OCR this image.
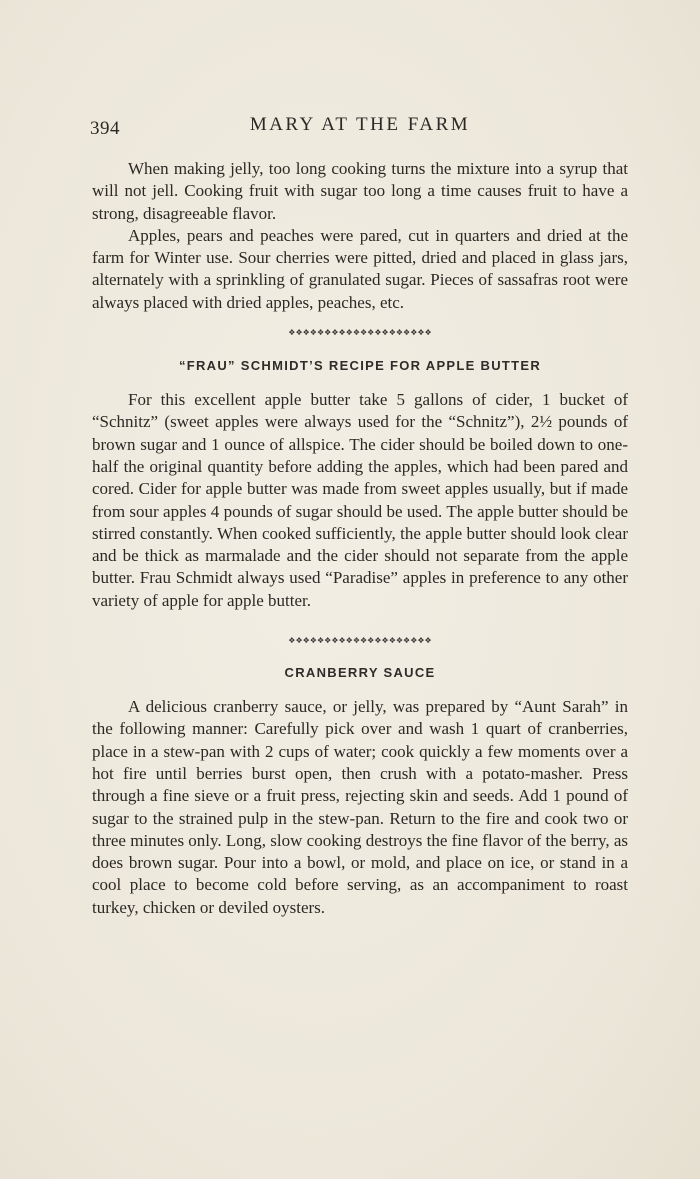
394	MARY AT THE FARM

When making jelly, too long cooking turns the mixture into a syrup that will not jell. Cooking fruit with sugar too long a time causes fruit to have a strong, disagreeable flavor.

Apples, pears and peaches were pared, cut in quarters and dried at the farm for Winter use. Sour cherries were pitted, dried and placed in glass jars, alternately with a sprinkling of granulated sugar. Pieces of sassafras root were always placed with dried apples, peaches, etc.

❖❖❖❖❖❖❖❖❖❖❖❖❖❖❖❖❖❖❖❖
“FRAU” SCHMIDT’S RECIPE FOR APPLE BUTTER

For this excellent apple butter take 5 gallons of cider, 1 bucket of “Schnitz” (sweet apples were always used for the “Schnitz”), 2½ pounds of brown sugar and 1 ounce of allspice. The cider should be boiled down to one-half the original quantity before adding the apples, which had been pared and cored. Cider for apple butter was made from sweet apples usually, but if made from sour apples 4 pounds of sugar should be used. The apple butter should be stirred constantly. When cooked sufficiently, the apple butter should look clear and be thick as marmalade and the cider should not separate from the apple butter. Frau Schmidt always used “Paradise” apples in preference to any other variety of apple for apple butter.

❖❖❖❖❖❖❖❖❖❖❖❖❖❖❖❖❖❖❖❖
CRANBERRY SAUCE

A delicious cranberry sauce, or jelly, was prepared by “Aunt Sarah” in the following manner: Carefully pick over and wash 1 quart of cranberries, place in a stew-pan with 2 cups of water; cook quickly a few moments over a hot fire until berries burst open, then crush with a potato-masher. Press through a fine sieve or a fruit press, rejecting skin and seeds. Add 1 pound of sugar to the strained pulp in the stew-pan. Return to the fire and cook two or three minutes only. Long, slow cooking destroys the fine flavor of the berry, as does brown sugar. Pour into a bowl, or mold, and place on ice, or stand in a cool place to become cold before serving, as an accompaniment to roast turkey, chicken or deviled oysters.
